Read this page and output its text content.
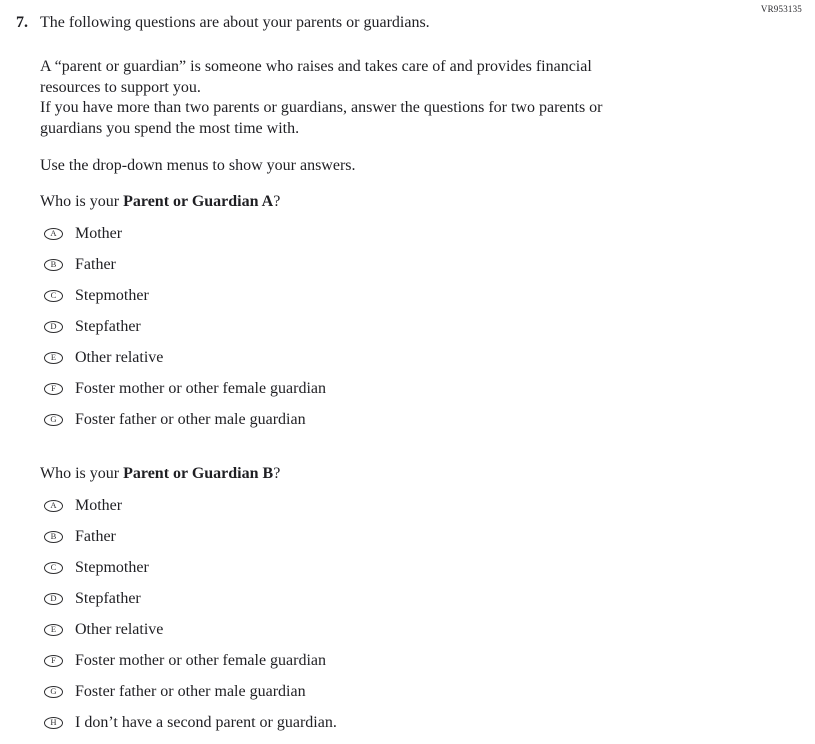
VR953135
7. The following questions are about your parents or guardians.
A “parent or guardian” is someone who raises and takes care of and provides financial
resources to support you.
If you have more than two parents or guardians, answer the questions for two parents or
guardians you spend the most time with.
Use the drop-down menus to show your answers.
Who is your Parent or Guardian A?
A	Mother
B	Father
C	Stepmother
D	Stepfather
E	Other relative
F	Foster mother or other female guardian
G	Foster father or other male guardian
Who is your Parent or Guardian B?
A	Mother
B	Father
C	Stepmother
D	Stepfather
E	Other relative
F	Foster mother or other female guardian
G	Foster father or other male guardian
H	I don’t have a second parent or guardian.
